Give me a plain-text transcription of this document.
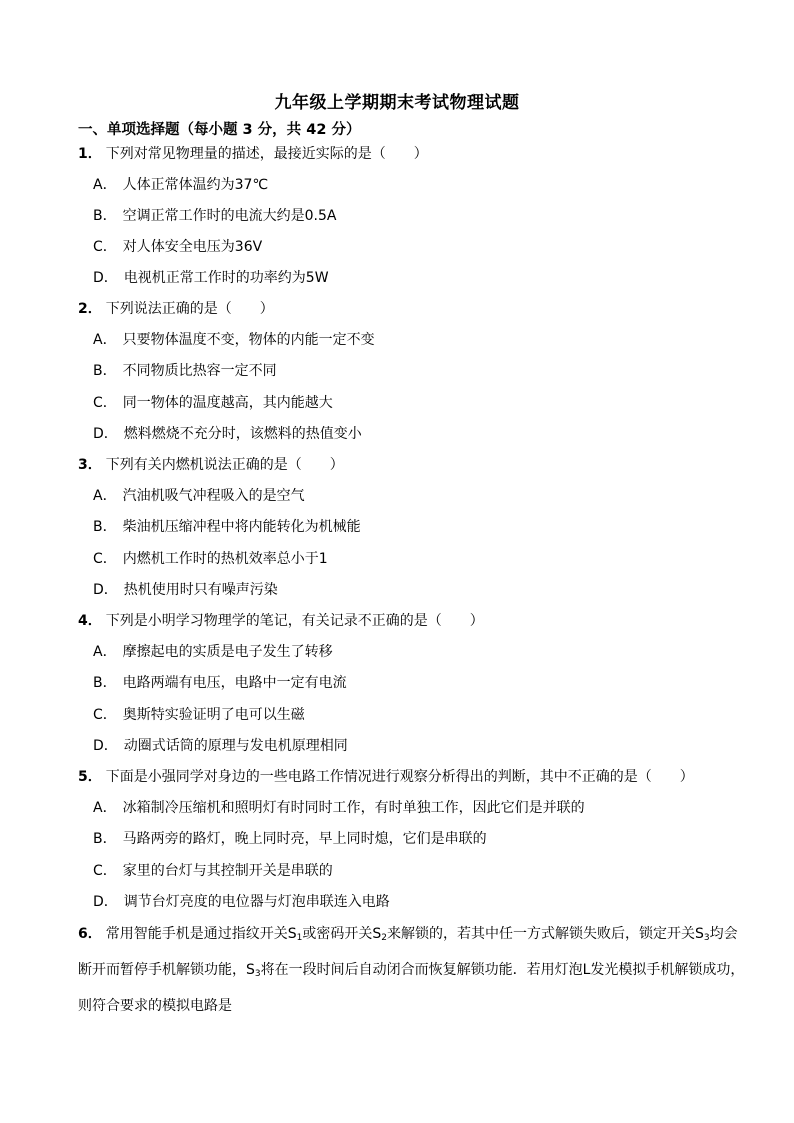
九年级上学期期末考试物理试题
一、单项选择题（每小题 3 分，共 42 分）
1． 下列对常见物理量的描述，最接近实际的是（　　）
A． 人体正常体温约为37℃
B． 空调正常工作时的电流大约是0.5A
C． 对人体安全电压为36V
D． 电视机正常工作时的功率约为5W
2． 下列说法正确的是（　　）
A． 只要物体温度不变，物体的内能一定不变
B． 不同物质比热容一定不同
C． 同一物体的温度越高，其内能越大
D． 燃料燃烧不充分时，该燃料的热值变小
3． 下列有关内燃机说法正确的是（　　）
A． 汽油机吸气冲程吸入的是空气
B． 柴油机压缩冲程中将内能转化为机械能
C． 内燃机工作时的热机效率总小于1
D． 热机使用时只有噪声污染
4． 下列是小明学习物理学的笔记，有关记录不正确的是（　　）
A． 摩擦起电的实质是电子发生了转移
B． 电路两端有电压，电路中一定有电流
C． 奥斯特实验证明了电可以生磁
D． 动圈式话筒的原理与发电机原理相同
5． 下面是小强同学对身边的一些电路工作情况进行观察分析得出的判断，其中不正确的是（　　）
A． 冰箱制冷压缩机和照明灯有时同时工作，有时单独工作，因此它们是并联的
B． 马路两旁的路灯，晚上同时亮，早上同时熄，它们是串联的
C． 家里的台灯与其控制开关是串联的
D． 调节台灯亮度的电位器与灯泡串联连入电路
6． 常用智能手机是通过指纹开关$S_1$或密码开关$S_2$来解锁的，若其中任一方式解锁失败后，锁定开关$S_3$均会断开而暂停手机解锁功能，$S_3$将在一段时间后自动闭合而恢复解锁功能．若用灯泡L发光模拟手机解锁成功，则符合要求的模拟电路是
